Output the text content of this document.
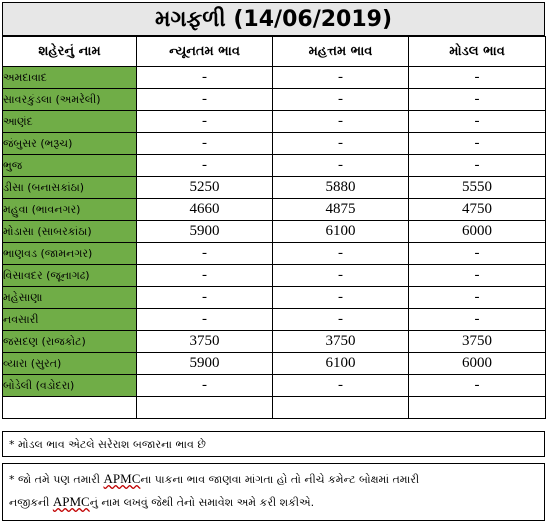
મગફળી (14/06/2019)
શહેરનું નામ	ન્યૂનતમ ભાવ	મહત્તમ ભાવ	મોડલ ભાવ
અમદાવાદ	-	-	-
સાવરકુંડલા (અમરેલી)	-	-	-
આણંદ	-	-	-
જંબુસર (ભરૂચ)	-	-	-
ભુજ	-	-	-
ડીસા (બનાસકાંઠા)	5250	5880	5550
મહુવા (ભાવનગર)	4660	4875	4750
મોડાસા (સાબરકાંઠા)	5900	6100	6000
ભાણવડ (જામનગર)	-	-	-
વિસાવદર (જૂનાગઢ)	-	-	-
મહેસાણા	-	-	-
નવસારી	-	-	-
જસદણ (રાજકોટ)	3750	3750	3750
વ્યારા (સુરત)	5900	6100	6000
બોડેલી (વડોદરા)	-	-	-

* મોડલ ભાવ એટલે સરેરાશ બજારના ભાવ છે
* જો તમે પણ તમારી APMCના પાકના ભાવ જાણવા માંગતા હો તો નીચે કમેન્ટ બોક્ષમાં તમારી
નજીકની APMCનું નામ લખવું જેથી તેનો સમાવેશ અમે કરી શકીએ.
